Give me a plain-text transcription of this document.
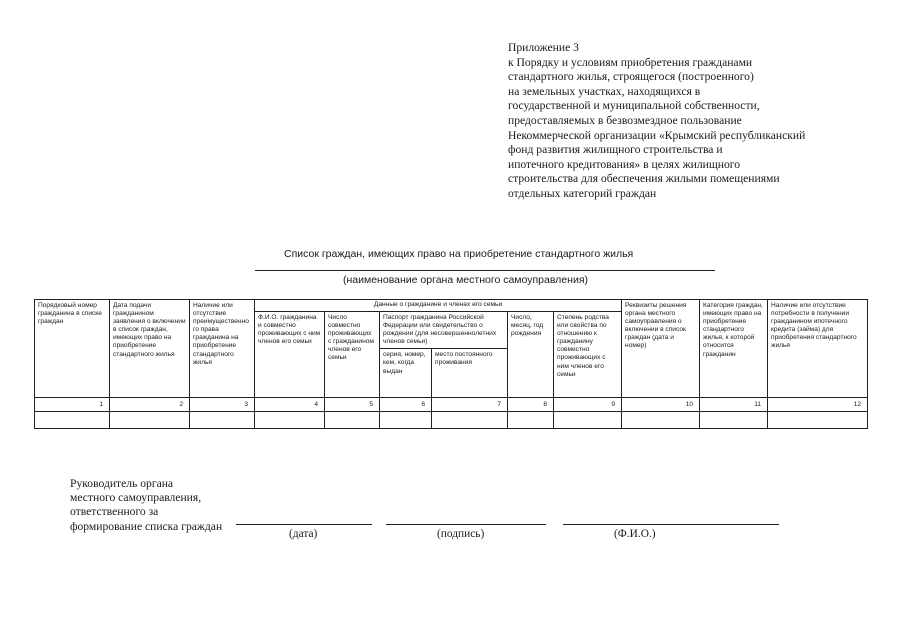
Приложение 3
к Порядку и условиям приобретения гражданами
стандартного жилья, строящегося (построенного)
на земельных участках, находящихся в
государственной и муниципальной собственности,
предоставляемых в безвозмездное пользование
Некоммерческой организации «Крымский республиканский
фонд развития жилищного строительства и
ипотечного кредитования» в целях жилищного
строительства для обеспечения жилыми помещениями
отдельных категорий граждан
Список граждан, имеющих право на приобретение стандартного жилья
(наименование органа местного самоуправления)
Порядковый номер гражданина в списке граждан	Дата подачи гражданином заявления о включении в список граждан, имеющих право на приобретение стандартного жилья	Наличие или отсутствие преимущественного права гражданина на приобретение стандартного жилья	Данные о гражданине и членах его семьи						Реквизиты решения органа местного самоуправления о включении в список граждан (дата и номер)	Категория граждан, имеющих право на приобретение стандартного жилья, к которой относится гражданин	Наличие или отсутствие потребности в получении гражданином ипотечного кредита (займа) для приобретения стандартного жилья
			Ф.И.О. гражданина и совместно проживающих с ним членов его семьи	Число совместно проживающих с гражданином членов его семьи	Паспорт гражданина Российской Федерации или свидетельство о рождении (для несовершеннолетних членов семьи)		Число, месяц, год рождения	Степень родства или свойства по отношению к гражданину совместно проживающих с ним членов его семьи			
					серия, номер, кем, когда выдан	место постоянного проживания					
1	2	3	4	5	6	7	8	9	10	11	12

Руководитель органа
местного самоуправления,
ответственного за
формирование списка граждан
(дата)	(подпись)	(Ф.И.О.)
